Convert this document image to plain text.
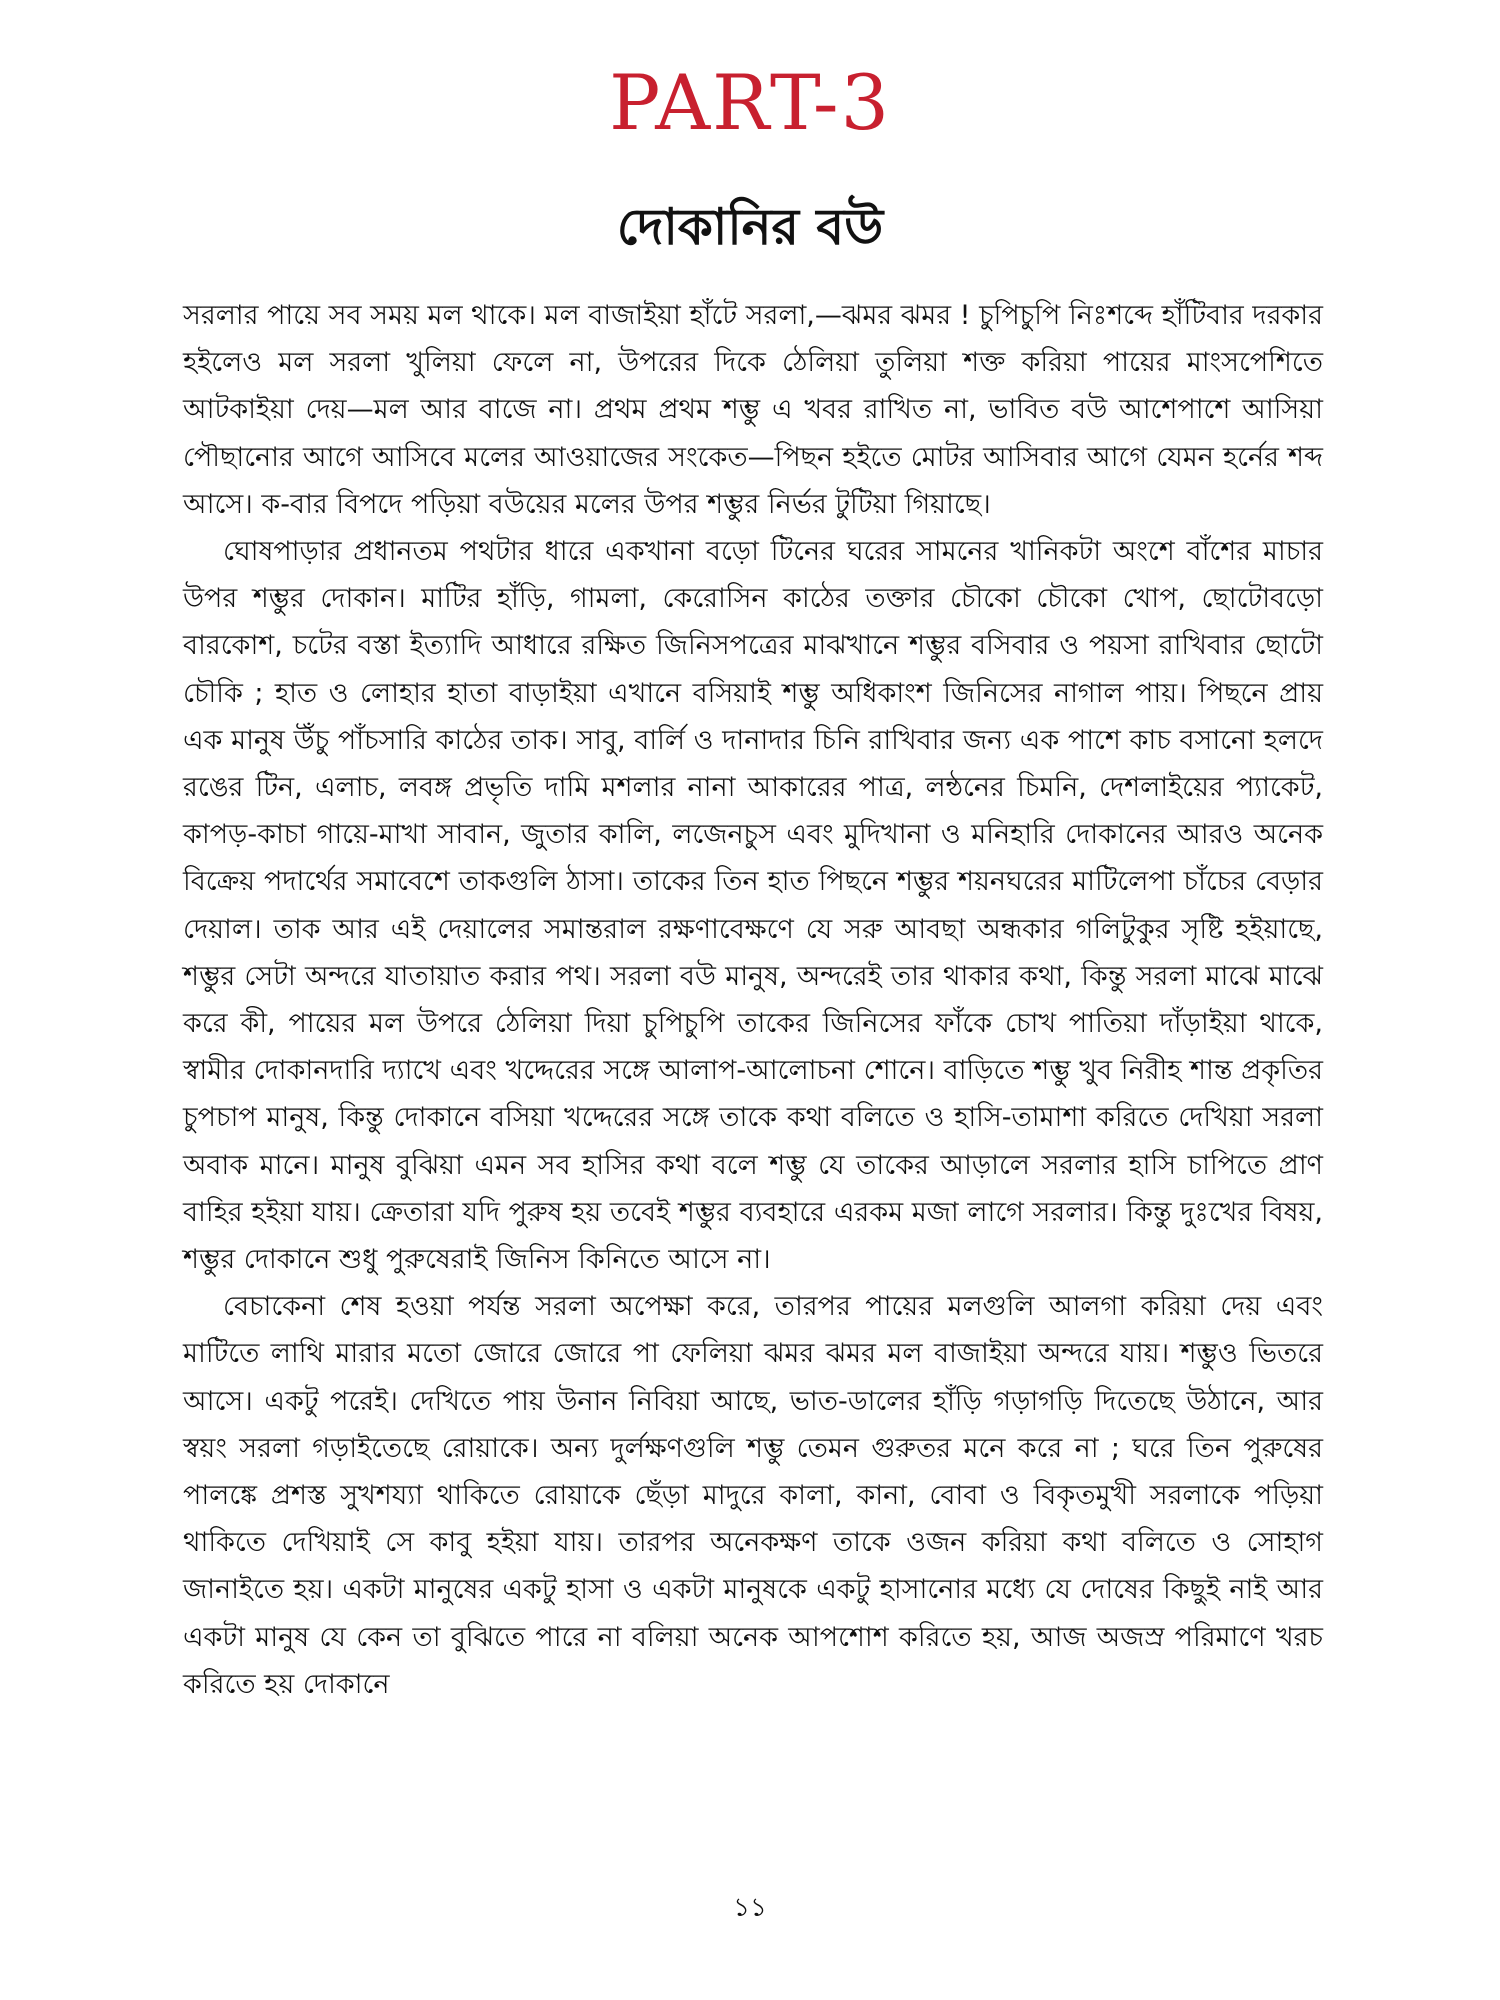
PART-3
দোকানির বউ

সরলার পায়ে সব সময় মল থাকে। মল বাজাইয়া হাঁটে সরলা,—ঝমর ঝমর ! চুপিচুপি নিঃশব্দে হাঁটিবার দরকার হইলেও মল সরলা খুলিয়া ফেলে না, উপরের দিকে ঠেলিয়া তুলিয়া শক্ত করিয়া পায়ের মাংসপেশিতে আটকাইয়া দেয়—মল আর বাজে না। প্রথম প্রথম শম্ভু এ খবর রাখিত না, ভাবিত বউ আশেপাশে আসিয়া পৌছানোর আগে আসিবে মলের আওয়াজের সংকেত—পিছন হইতে মোটর আসিবার আগে যেমন হর্নের শব্দ আসে। ক-বার বিপদে পড়িয়া বউয়ের মলের উপর শম্ভুর নির্ভর টুটিয়া গিয়াছে।

ঘোষপাড়ার প্রধানতম পথটার ধারে একখানা বড়ো টিনের ঘরের সামনের খানিকটা অংশে বাঁশের মাচার উপর শম্ভুর দোকান। মাটির হাঁড়ি, গামলা, কেরোসিন কাঠের তক্তার চৌকো চৌকো খোপ, ছোটোবড়ো বারকোশ, চটের বস্তা ইত্যাদি আধারে রক্ষিত জিনিসপত্রের মাঝখানে শম্ভুর বসিবার ও পয়সা রাখিবার ছোটো চৌকি ; হাত ও লোহার হাতা বাড়াইয়া এখানে বসিয়াই শম্ভু অধিকাংশ জিনিসের নাগাল পায়। পিছনে প্রায় এক মানুষ উঁচু পাঁচসারি কাঠের তাক। সাবু, বার্লি ও দানাদার চিনি রাখিবার জন্য এক পাশে কাচ বসানো হলদে রঙের টিন, এলাচ, লবঙ্গ প্রভৃতি দামি মশলার নানা আকারের পাত্র, লন্ঠনের চিমনি, দেশলাইয়ের প্যাকেট, কাপড়-কাচা গায়ে-মাখা সাবান, জুতার কালি, লজেনচুস এবং মুদিখানা ও মনিহারি দোকানের আরও অনেক বিক্রেয় পদার্থের সমাবেশে তাকগুলি ঠাসা। তাকের তিন হাত পিছনে শম্ভুর শয়নঘরের মাটিলেপা চাঁচের বেড়ার দেয়াল। তাক আর এই দেয়ালের সমান্তরাল রক্ষণাবেক্ষণে যে সরু আবছা অন্ধকার গলিটুকুর সৃষ্টি হইয়াছে, শম্ভুর সেটা অন্দরে যাতায়াত করার পথ। সরলা বউ মানুষ, অন্দরেই তার থাকার কথা, কিন্তু সরলা মাঝে মাঝে করে কী, পায়ের মল উপরে ঠেলিয়া দিয়া চুপিচুপি তাকের জিনিসের ফাঁকে চোখ পাতিয়া দাঁড়াইয়া থাকে, স্বামীর দোকানদারি দ্যাখে এবং খদ্দেরের সঙ্গে আলাপ-আলোচনা শোনে। বাড়িতে শম্ভু খুব নিরীহ শান্ত প্রকৃতির চুপচাপ মানুষ, কিন্তু দোকানে বসিয়া খদ্দেরের সঙ্গে তাকে কথা বলিতে ও হাসি-তামাশা করিতে দেখিয়া সরলা অবাক মানে। মানুষ বুঝিয়া এমন সব হাসির কথা বলে শম্ভু যে তাকের আড়ালে সরলার হাসি চাপিতে প্রাণ বাহির হইয়া যায়। ক্রেতারা যদি পুরুষ হয় তবেই শম্ভুর ব্যবহারে এরকম মজা লাগে সরলার। কিন্তু দুঃখের বিষয়, শম্ভুর দোকানে শুধু পুরুষেরাই জিনিস কিনিতে আসে না।

বেচাকেনা শেষ হওয়া পর্যন্ত সরলা অপেক্ষা করে, তারপর পায়ের মলগুলি আলগা করিয়া দেয় এবং মাটিতে লাথি মারার মতো জোরে জোরে পা ফেলিয়া ঝমর ঝমর মল বাজাইয়া অন্দরে যায়। শম্ভুও ভিতরে আসে। একটু পরেই। দেখিতে পায় উনান নিবিয়া আছে, ভাত-ডালের হাঁড়ি গড়াগড়ি দিতেছে উঠানে, আর স্বয়ং সরলা গড়াইতেছে রোয়াকে। অন্য দুর্লক্ষণগুলি শম্ভু তেমন গুরুতর মনে করে না ; ঘরে তিন পুরুষের পালঙ্কে প্রশস্ত সুখশয্যা থাকিতে রোয়াকে ছেঁড়া মাদুরে কালা, কানা, বোবা ও বিকৃতমুখী সরলাকে পড়িয়া থাকিতে দেখিয়াই সে কাবু হইয়া যায়। তারপর অনেকক্ষণ তাকে ওজন করিয়া কথা বলিতে ও সোহাগ জানাইতে হয়। একটা মানুষের একটু হাসা ও একটা মানুষকে একটু হাসানোর মধ্যে যে দোষের কিছুই নাই আর একটা মানুষ যে কেন তা বুঝিতে পারে না বলিয়া অনেক আপশোশ করিতে হয়, আজ অজস্র পরিমাণে খরচ করিতে হয় দোকানে

১১
